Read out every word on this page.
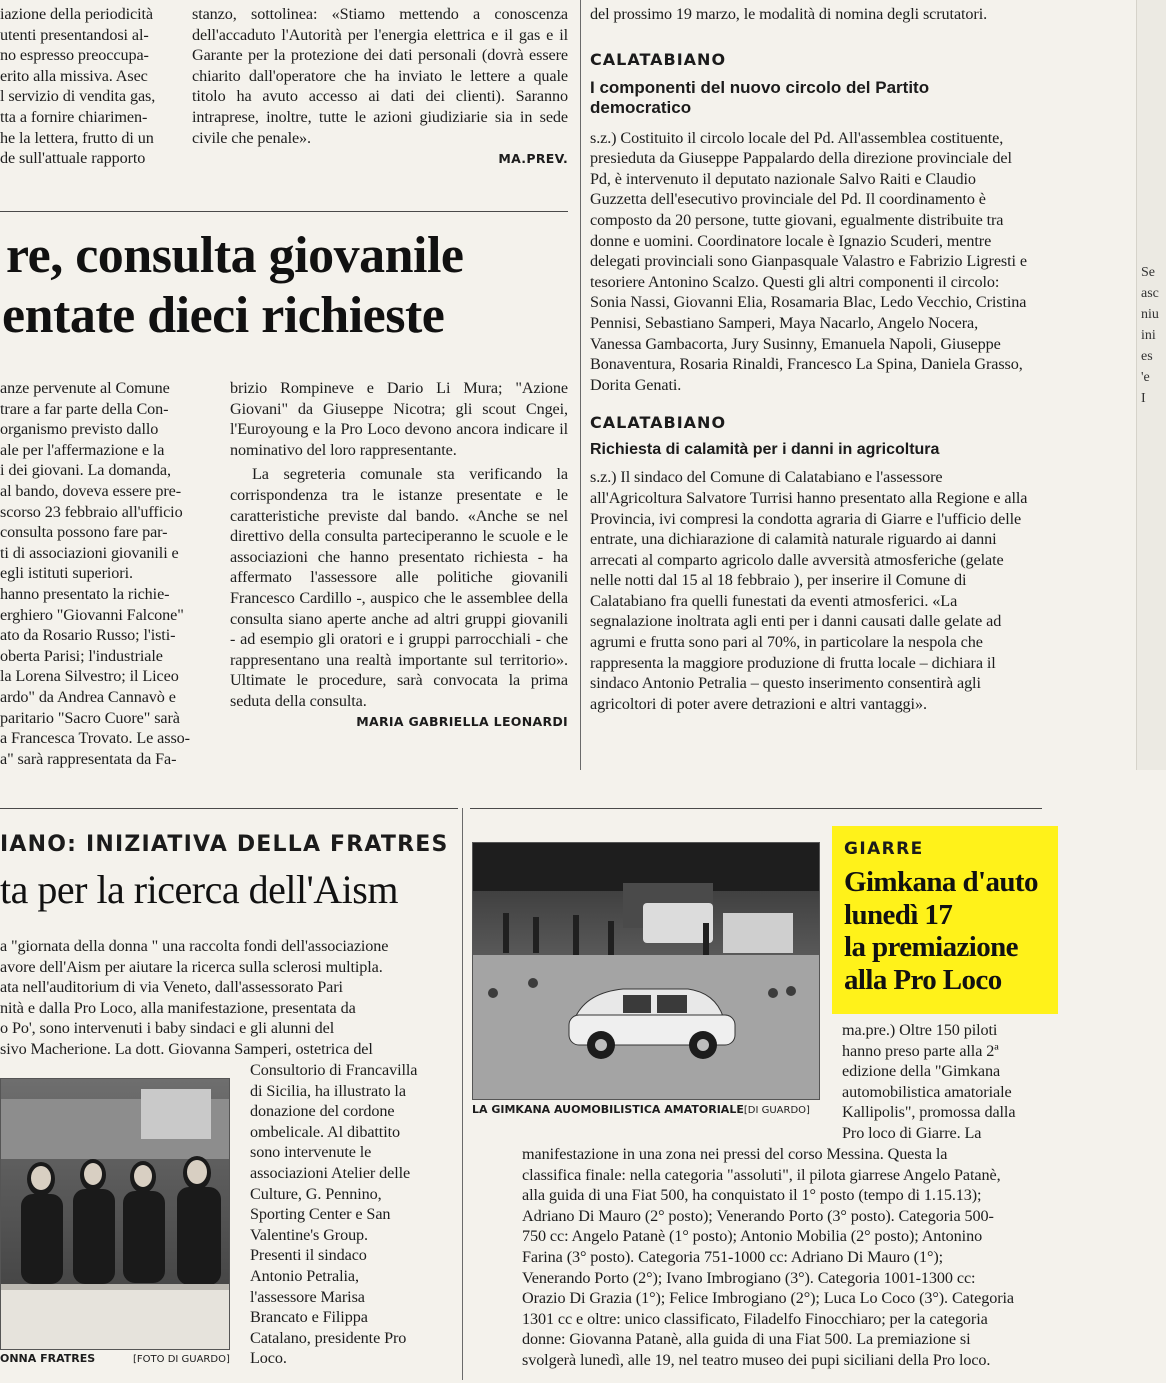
iazione della periodicità
utenti presentandosi al-
no espresso preoccupa-
erito alla missiva. Asec
l servizio di vendita gas,
tta a fornire chiarimen-
he la lettera, frutto di un
de sull'attuale rapporto

stanzo, sottolinea: «Stiamo mettendo a conoscenza dell'accaduto l'Autorità per l'energia elettrica e il gas e il Garante per la protezione dei dati personali (dovrà essere chiarito dall'operatore che ha inviato le lettere a quale titolo ha avuto accesso ai dati dei clienti). Saranno intraprese, inoltre, tutte le azioni giudiziarie sia in sede civile che penale».

MA.PREV.
re, consulta giovanile
entate dieci richieste
anze pervenute al Comune
trare a far parte della Con-
organismo previsto dallo
ale per l'affermazione e la
i dei giovani. La domanda,
al bando, doveva essere pre-
scorso 23 febbraio all'ufficio
consulta possono fare par-
ti di associazioni giovanili e
egli istituti superiori.
hanno presentato la richie-
erghiero "Giovanni Falcone"
ato da Rosario Russo; l'isti-
oberta Parisi; l'industriale
la Lorena Silvestro; il Liceo
ardo" da Andrea Cannavò e
paritario "Sacro Cuore" sarà
a Francesca Trovato. Le asso-
a" sarà rappresentata da Fa-

brizio Rompineve e Dario Li Mura; "Azione Giovani" da Giuseppe Nicotra; gli scout Cngei, l'Euroyoung e la Pro Loco devono ancora indicare il nominativo del loro rappresentante.

La segreteria comunale sta verificando la corrispondenza tra le istanze presentate e le caratteristiche previste dal bando. «Anche se nel direttivo della consulta parteciperanno le scuole e le associazioni che hanno presentato richiesta - ha affermato l'assessore alle politiche giovanili Francesco Cardillo -, auspico che le assemblee della consulta siano aperte anche ad altri gruppi giovanili - ad esempio gli oratori e i gruppi parrocchiali - che rappresentano una realtà importante sul territorio». Ultimate le procedure, sarà convocata la prima seduta della consulta.

MARIA GABRIELLA LEONARDI

del prossimo 19 marzo, le modalità di nomina degli scrutatori.

CALATABIANO
I componenti del nuovo circolo del Partito democratico

s.z.) Costituito il circolo locale del Pd. All'assemblea costituente, presieduta da Giuseppe Pappalardo della direzione provinciale del Pd, è intervenuto il deputato nazionale Salvo Raiti e Claudio Guzzetta dell'esecutivo provinciale del Pd. Il coordinamento è composto da 20 persone, tutte giovani, egualmente distribuite tra donne e uomini. Coordinatore locale è Ignazio Scuderi, mentre delegati provinciali sono Gianpasquale Valastro e Fabrizio Ligresti e tesoriere Antonino Scalzo. Questi gli altri componenti il circolo: Sonia Nassi, Giovanni Elia, Rosamaria Blac, Ledo Vecchio, Cristina Pennisi, Sebastiano Samperi, Maya Nacarlo, Angelo Nocera, Vanessa Gambacorta, Jury Susinny, Emanuela Napoli, Giuseppe Bonaventura, Rosaria Rinaldi, Francesco La Spina, Daniela Grasso, Dorita Genati.

CALATABIANO
Richiesta di calamità per i danni in agricoltura

s.z.) Il sindaco del Comune di Calatabiano e l'assessore all'Agricoltura Salvatore Turrisi hanno presentato alla Regione e alla Provincia, ivi compresi la condotta agraria di Giarre e l'ufficio delle entrate, una dichiarazione di calamità naturale riguardo ai danni arrecati al comparto agricolo dalle avversità atmosferiche (gelate nelle notti dal 15 al 18 febbraio ), per inserire il Comune di Calatabiano fra quelli funestati da eventi atmosferici. «La segnalazione inoltrata agli enti per i danni causati dalle gelate ad agrumi e frutta sono pari al 70%, in particolare la nespola che rappresenta la maggiore produzione di frutta locale – dichiara il sindaco Antonio Petralia – questo inserimento consentirà agli agricoltori di poter avere detrazioni e altri vantaggi».

Se
asc
niu
ini
es
'e
I
IANO: INIZIATIVA DELLA FRATRES
ta per la ricerca dell'Aism
a "giornata della donna " una raccolta fondi dell'associazione
avore dell'Aism per aiutare la ricerca sulla sclerosi multipla.
ata nell'auditorium di via Veneto, dall'assessorato Pari
nità e dalla Pro Loco, alla manifestazione, presentata da
o Po', sono intervenuti i baby sindaci e gli alunni del
sivo Macherione. La dott. Giovanna Samperi, ostetrica del
ONNA FRATRES	[FOTO DI GUARDO]
Consultorio di Francavilla
di Sicilia, ha illustrato la
donazione del cordone
ombelicale. Al dibattito
sono intervenute le
associazioni Atelier delle
Culture, G. Pennino,
Sporting Center e San
Valentine's Group.
Presenti il sindaco
Antonio Petralia,
l'assessore Marisa
Brancato e Filippa
Catalano, presidente Pro
Loco.
LA GIMKANA AUOMOBILISTICA AMATORIALE[DI GUARDO]
GIARRE
Gimkana d'auto
lunedì 17
la premiazione
alla Pro Loco
ma.pre.) Oltre 150 piloti
hanno preso parte alla 2ª
edizione della "Gimkana
automobilistica amatoriale
Kallipolis", promossa dalla
Pro loco di Giarre. La
manifestazione in una zona nei pressi del corso Messina. Questa la
classifica finale: nella categoria "assoluti", il pilota giarrese Angelo Patanè,
alla guida di una Fiat 500, ha conquistato il 1° posto (tempo di 1.15.13);
Adriano Di Mauro (2° posto); Venerando Porto (3° posto). Categoria 500-
750 cc: Angelo Patanè (1° posto); Antonio Mobilia (2° posto); Antonino
Farina (3° posto). Categoria 751-1000 cc: Adriano Di Mauro (1°);
Venerando Porto (2°); Ivano Imbrogiano (3°). Categoria 1001-1300 cc:
Orazio Di Grazia (1°); Felice Imbrogiano (2°); Luca Lo Coco (3°). Categoria
1301 cc e oltre: unico classificato, Filadelfo Finocchiaro; per la categoria
donne: Giovanna Patanè, alla guida di una Fiat 500. La premiazione si
svolgerà lunedì, alle 19, nel teatro museo dei pupi siciliani della Pro loco.
